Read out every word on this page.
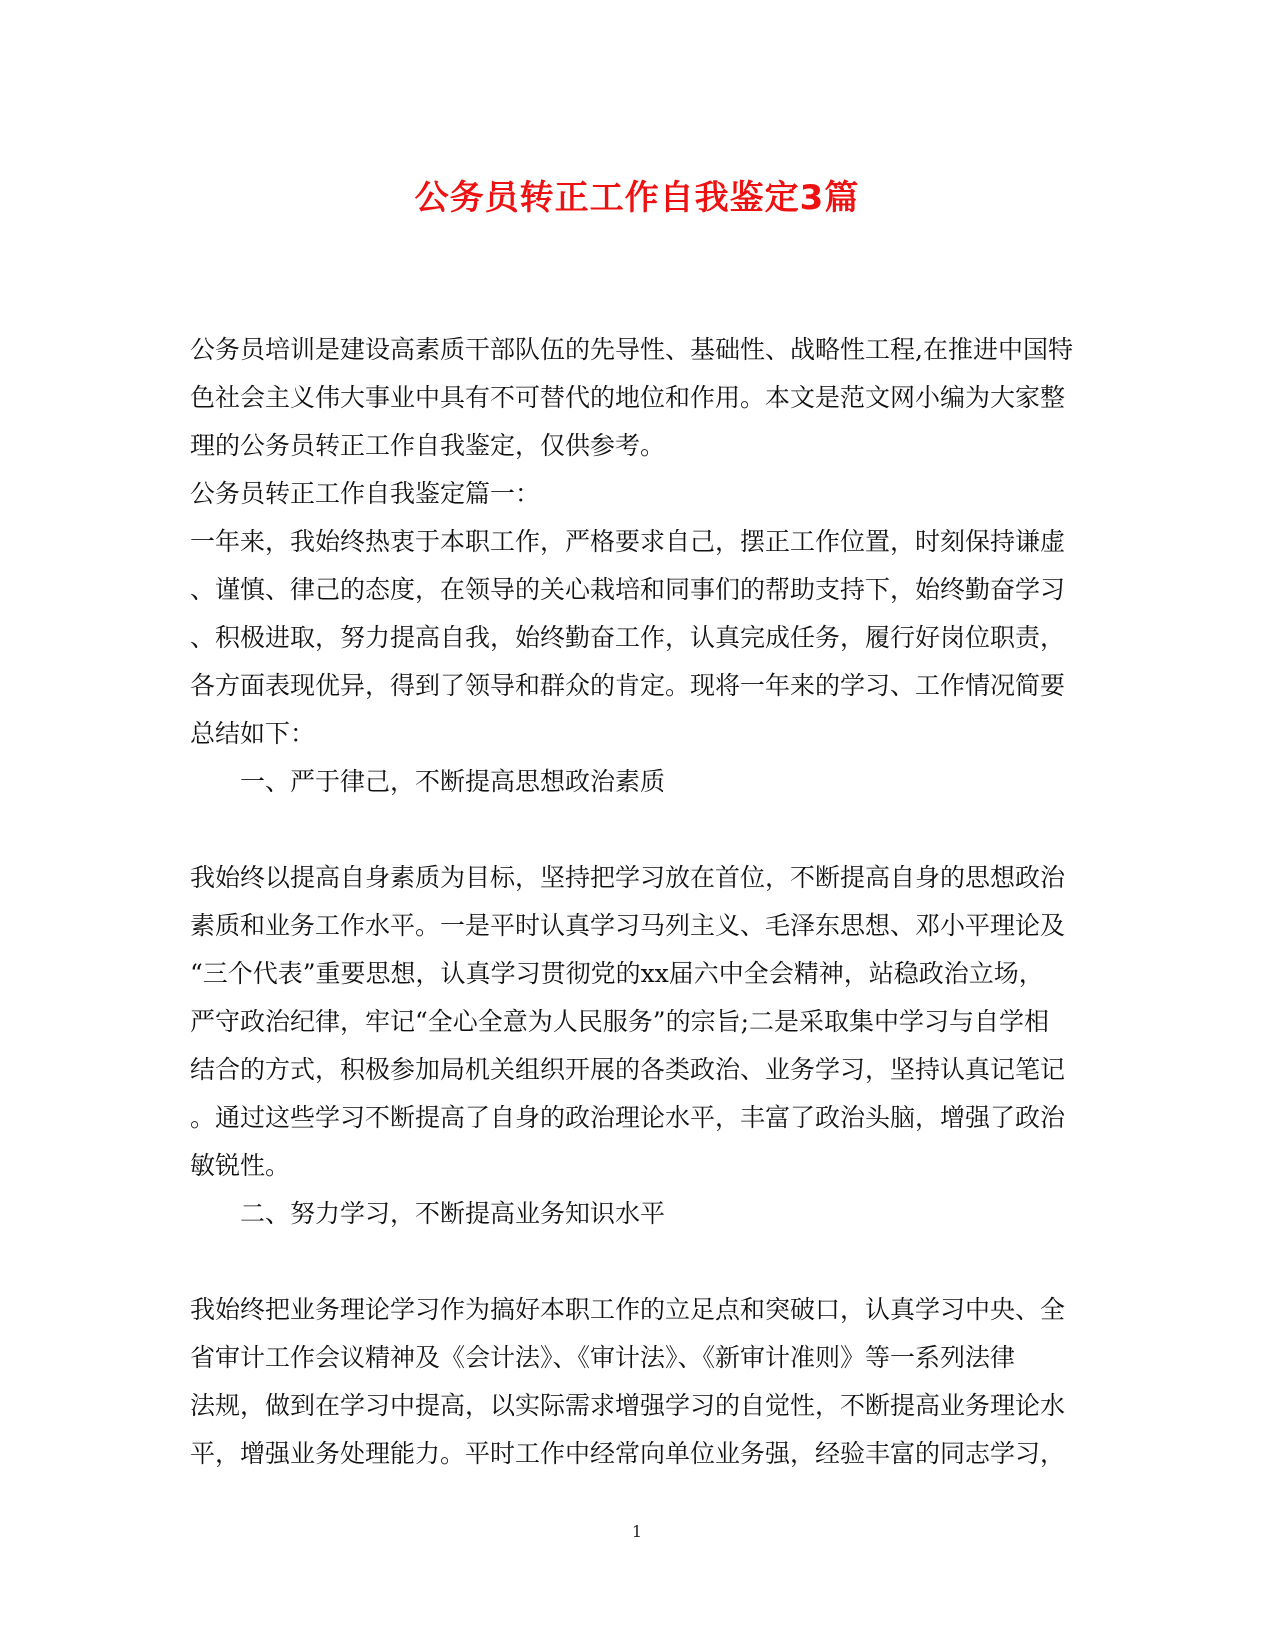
公务员转正工作自我鉴定3篇
公务员培训是建设高素质干部队伍的先导性、基础性、战略性工程,在推进中国特
色社会主义伟大事业中具有不可替代的地位和作用。本文是范文网小编为大家整
理的公务员转正工作自我鉴定，仅供参考。
公务员转正工作自我鉴定篇一：
一年来，我始终热衷于本职工作，严格要求自己，摆正工作位置，时刻保持谦虚
、谨慎、律己的态度，在领导的关心栽培和同事们的帮助支持下，始终勤奋学习
、积极进取，努力提高自我，始终勤奋工作，认真完成任务，履行好岗位职责，
各方面表现优异，得到了领导和群众的肯定。现将一年来的学习、工作情况简要
总结如下：
一、严于律己，不断提高思想政治素质
我始终以提高自身素质为目标，坚持把学习放在首位，不断提高自身的思想政治
素质和业务工作水平。一是平时认真学习马列主义、毛泽东思想、邓小平理论及
“三个代表”重要思想，认真学习贯彻党的xx届六中全会精神，站稳政治立场，
严守政治纪律，牢记“全心全意为人民服务”的宗旨;二是采取集中学习与自学相
结合的方式，积极参加局机关组织开展的各类政治、业务学习，坚持认真记笔记
。通过这些学习不断提高了自身的政治理论水平，丰富了政治头脑，增强了政治
敏锐性。
二、努力学习，不断提高业务知识水平
我始终把业务理论学习作为搞好本职工作的立足点和突破口，认真学习中央、全
省审计工作会议精神及《会计法》、《审计法》、《新审计准则》等一系列法律
法规，做到在学习中提高，以实际需求增强学习的自觉性，不断提高业务理论水
平，增强业务处理能力。平时工作中经常向单位业务强，经验丰富的同志学习，
1
